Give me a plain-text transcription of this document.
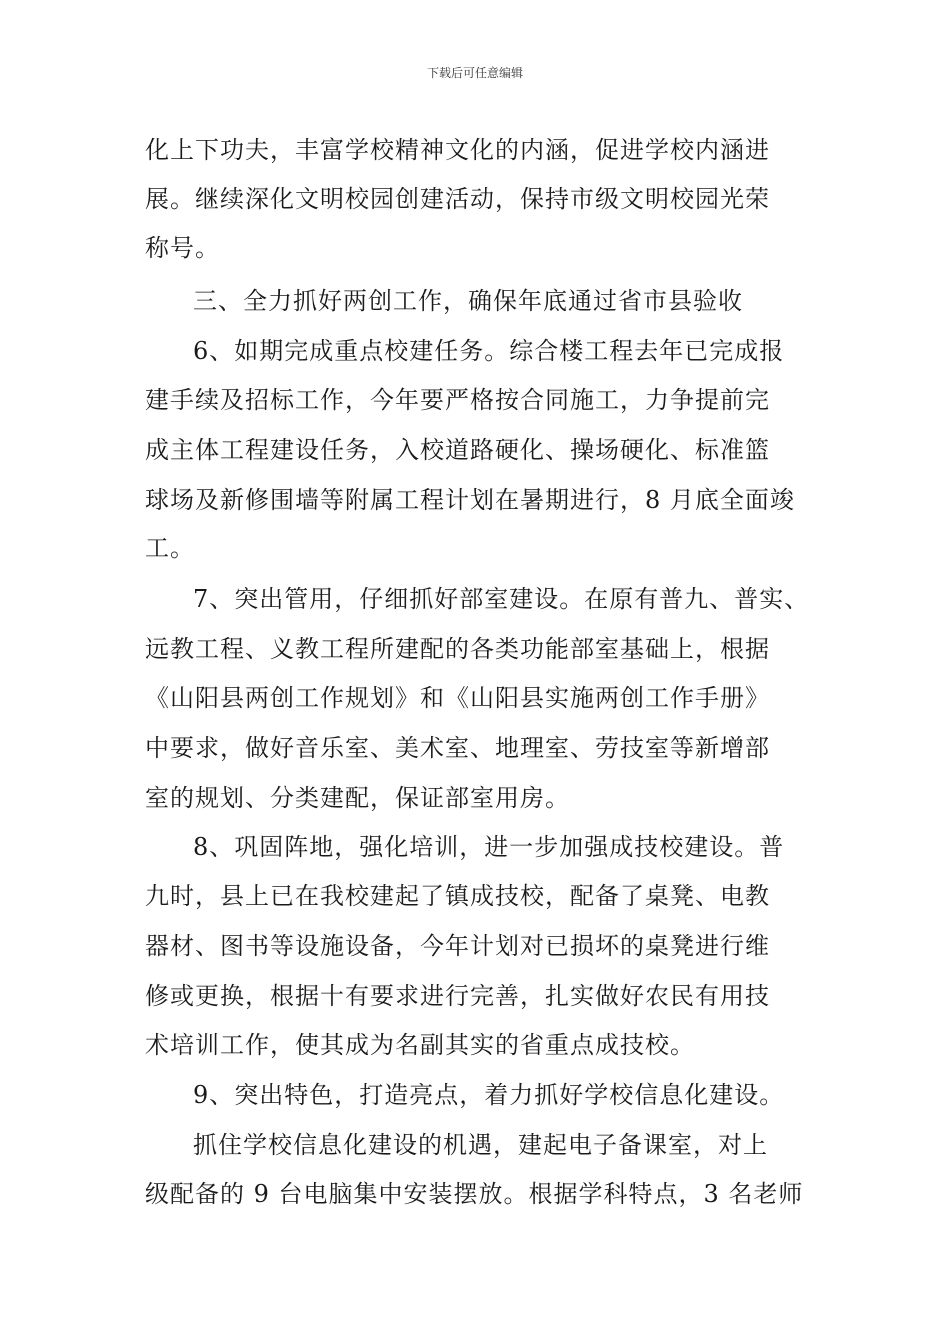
下载后可任意编辑
化上下功夫，丰富学校精神文化的内涵，促进学校内涵进
展。继续深化文明校园创建活动，保持市级文明校园光荣
称号。
三、全力抓好两创工作，确保年底通过省市县验收
6、如期完成重点校建任务。综合楼工程去年已完成报
建手续及招标工作，今年要严格按合同施工，力争提前完
成主体工程建设任务，入校道路硬化、操场硬化、标准篮
球场及新修围墙等附属工程计划在暑期进行，8 月底全面竣
工。
7、突出管用，仔细抓好部室建设。在原有普九、普实、
远教工程、义教工程所建配的各类功能部室基础上，根据
《山阳县两创工作规划》和《山阳县实施两创工作手册》
中要求，做好音乐室、美术室、地理室、劳技室等新增部
室的规划、分类建配，保证部室用房。
8、巩固阵地，强化培训，进一步加强成技校建设。普
九时，县上已在我校建起了镇成技校，配备了桌凳、电教
器材、图书等设施设备，今年计划对已损坏的桌凳进行维
修或更换，根据十有要求进行完善，扎实做好农民有用技
术培训工作，使其成为名副其实的省重点成技校。
9、突出特色，打造亮点，着力抓好学校信息化建设。
抓住学校信息化建设的机遇，建起电子备课室，对上
级配备的 9 台电脑集中安装摆放。根据学科特点，3 名老师
